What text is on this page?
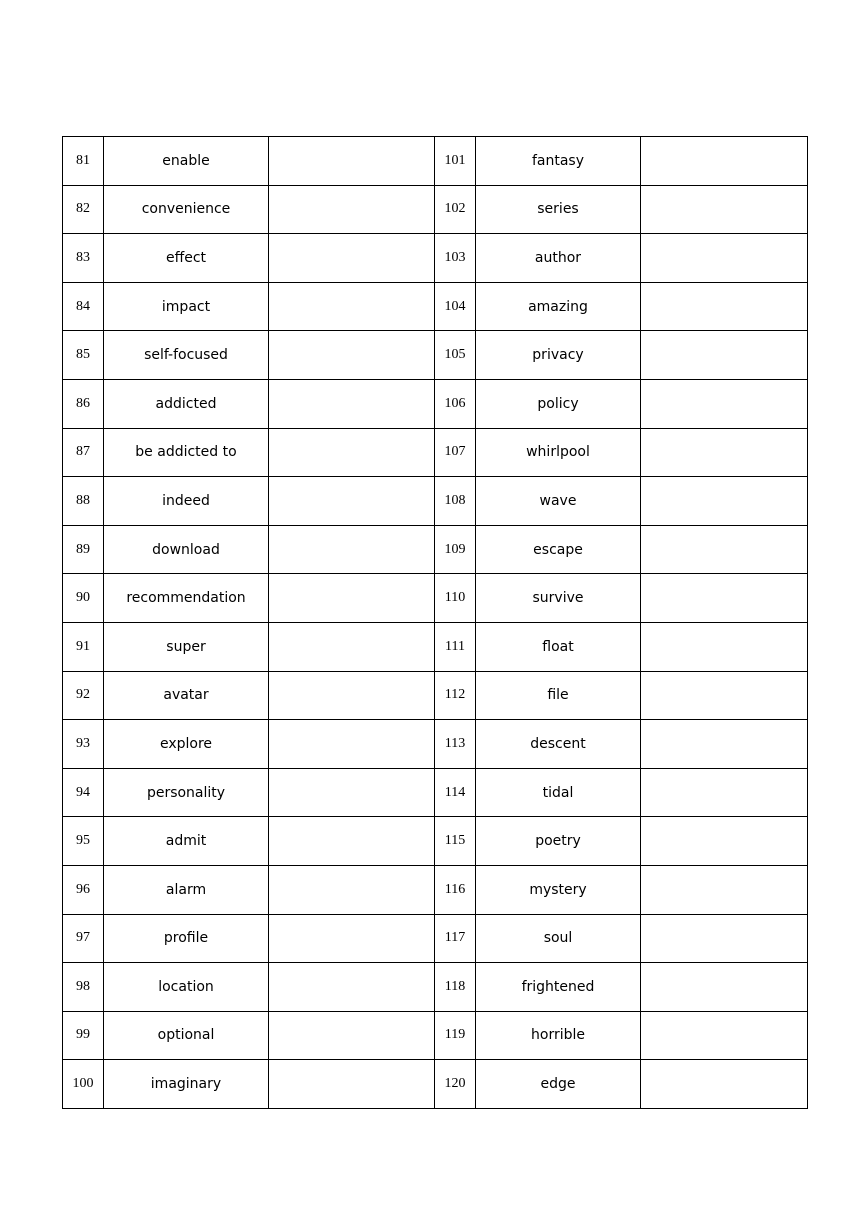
81	enable		101	fantasy	
82	convenience		102	series	
83	effect		103	author	
84	impact		104	amazing	
85	self-focused		105	privacy	
86	addicted		106	policy	
87	be addicted to		107	whirlpool	
88	indeed		108	wave	
89	download		109	escape	
90	recommendation		110	survive	
91	super		111	float	
92	avatar		112	file	
93	explore		113	descent	
94	personality		114	tidal	
95	admit		115	poetry	
96	alarm		116	mystery	
97	profile		117	soul	
98	location		118	frightened	
99	optional		119	horrible	
100	imaginary		120	edge	
